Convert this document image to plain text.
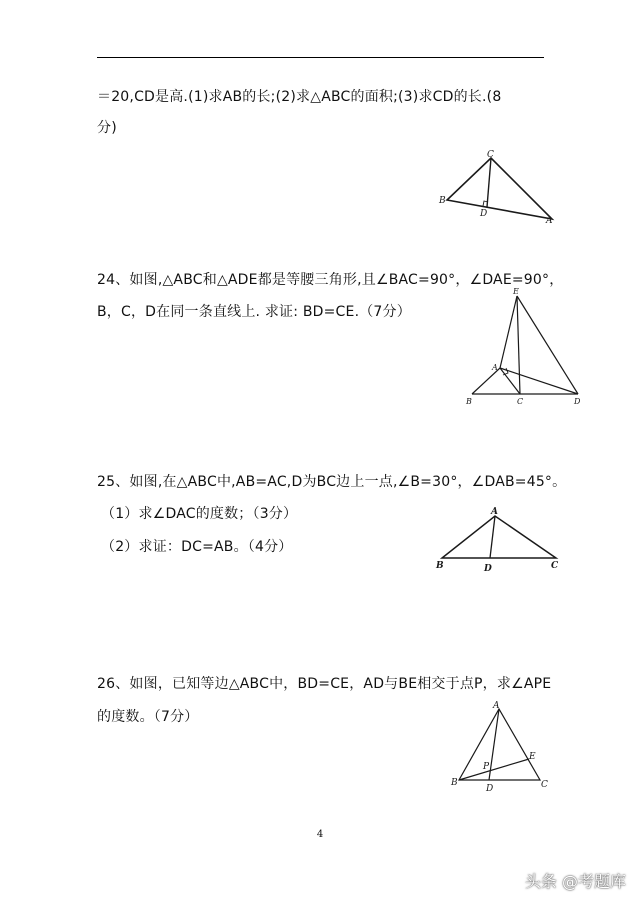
＝20,CD是高.(1)求AB的长;(2)求△ABC的面积;(3)求CD的长.(8
分)
C
B
D
A
24、如图,△ABC和△ADE都是等腰三角形,且∠BAC=90°，∠DAE=90°，
B，C，D在同一条直线上. 求证: BD=CE.（7分）
E
A
B	C	D
25、如图,在△ABC中,AB=AC,D为BC边上一点,∠B=30°，∠DAB=45°。
（1）求∠DAC的度数；（3分）
（2）求证：DC=AB。（4分）
A
B	D	C
26、如图，已知等边△ABC中，BD=CE，AD与BE相交于点P，求∠APE
的度数。（7分）
A
E
P
B
D	C
4
头条 @考题库
